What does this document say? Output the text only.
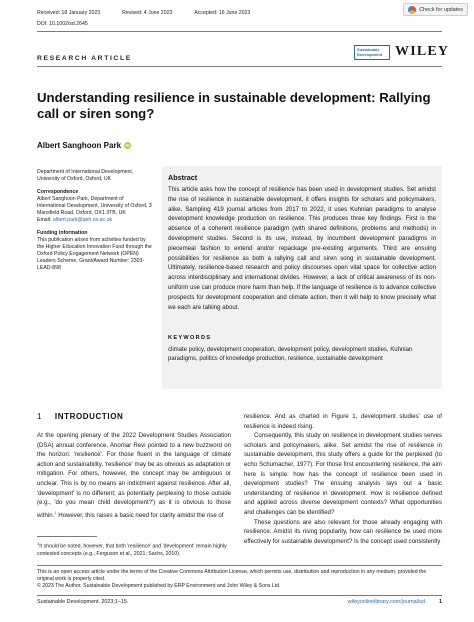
Received: 18 January 2023	Revised: 4 June 2023	Accepted: 16 June 2023
DOI: 10.1002/sd.2645
Check for updates
RESEARCH ARTICLE
Sustainable
Development WILEY
Understanding resilience in sustainable development: Rallying call or siren song?
Albert Sanghoon Park iD

Department of International Development, University of Oxford, Oxford, UK

Correspondence

Albert Sanghoon Park, Department of International Development, University of Oxford, 3 Mansfield Road, Oxford, OX1 3TB, UK

Email: albert.park@qeh.ox.ac.uk

Funding information

This publication arises from activities funded by the Higher Education Innovation Fund through the Oxford Policy Engagement Network (OPEN) Leaders Scheme, Grant/Award Number: 2303-LEAD-898

Abstract
This article asks how the concept of resilience has been used in development studies. Set amidst the rise of resilience in sustainable development, it offers insights for scholars and policymakers, alike. Sampling 419 journal articles from 2017 to 2022, it uses Kuhnian paradigms to analyse development knowledge production on resilience. This produces three key findings. First is the absence of a coherent resilience paradigm (with shared definitions, problems and methods) in development studies. Second is its use, instead, by incumbent development paradigms in piecemeal fashion to extend and/or repackage pre-existing arguments. Third are ensuing possibilities for resilience as both a rallying call and siren song in sustainable development. Ultimately, resilience-based research and policy discourses open vital space for collective action across interdisciplinary and international divides. However, a lack of critical awareness of its non-uniform use can produce more harm than help. If the language of resilience is to advance collective prospects for development cooperation and climate action, then it will help to know precisely what we each are talking about.
KEYWORDS
climate policy, development cooperation, development policy, development studies, Kuhnian paradigms, politics of knowledge production, resilience, sustainable development
1 INTRODUCTION

At the opening plenary of the 2022 Development Studies Association (DSA) annual conference, Anomar Revi pointed to a new buzzword on the horizon: 'resilience'. For those fluent in the language of climate action and sustainability, 'resilience' may be as obvious as adaptation or mitigation. For others, however, the concept may be ambiguous or unclear. This is by no means an indictment against resilience. After all, 'development' is no different; as potentially perplexing to those outside (e.g., 'do you mean child development?') as it is obvious to those within.$^1$ However, this raises a basic need for clarity amidst the rise of

$^1$It should be noted, however, that both 'resilience' and 'development' remain highly contested concepts (e.g., Ferguson et al., 2021; Sachs, 2010).

resilience. And as charted in Figure 1, development studies' use of resilience is indeed rising.

Consequently, this study on resilience in development studies serves scholars and policymakers, alike. Set amidst the rise of resilience in sustainable development, this study offers a guide for the perplexed (to echo Schumacher, 1977). For those first encountering resilience, the aim here is simple: how has the concept of resilience been used in development studies? The ensuing analysis lays out a basic understanding of resilience in development. How is resilience defined and applied across diverse development contexts? What opportunities and challenges can be identified?

These questions are also relevant for those already engaging with resilience. Amidst its rising popularity, how can resilience be used more effectively for sustainable development? Is the concept used consistently

This is an open access article under the terms of the Creative Commons Attribution License, which permits use, distribution and reproduction in any medium, provided the original work is properly cited.
© 2023 The Author. Sustainable Development published by ERP Environment and John Wiley & Sons Ltd.
Sustainable Development. 2023;1–15.	wileyonlinelibrary.com/journal/sd	1
